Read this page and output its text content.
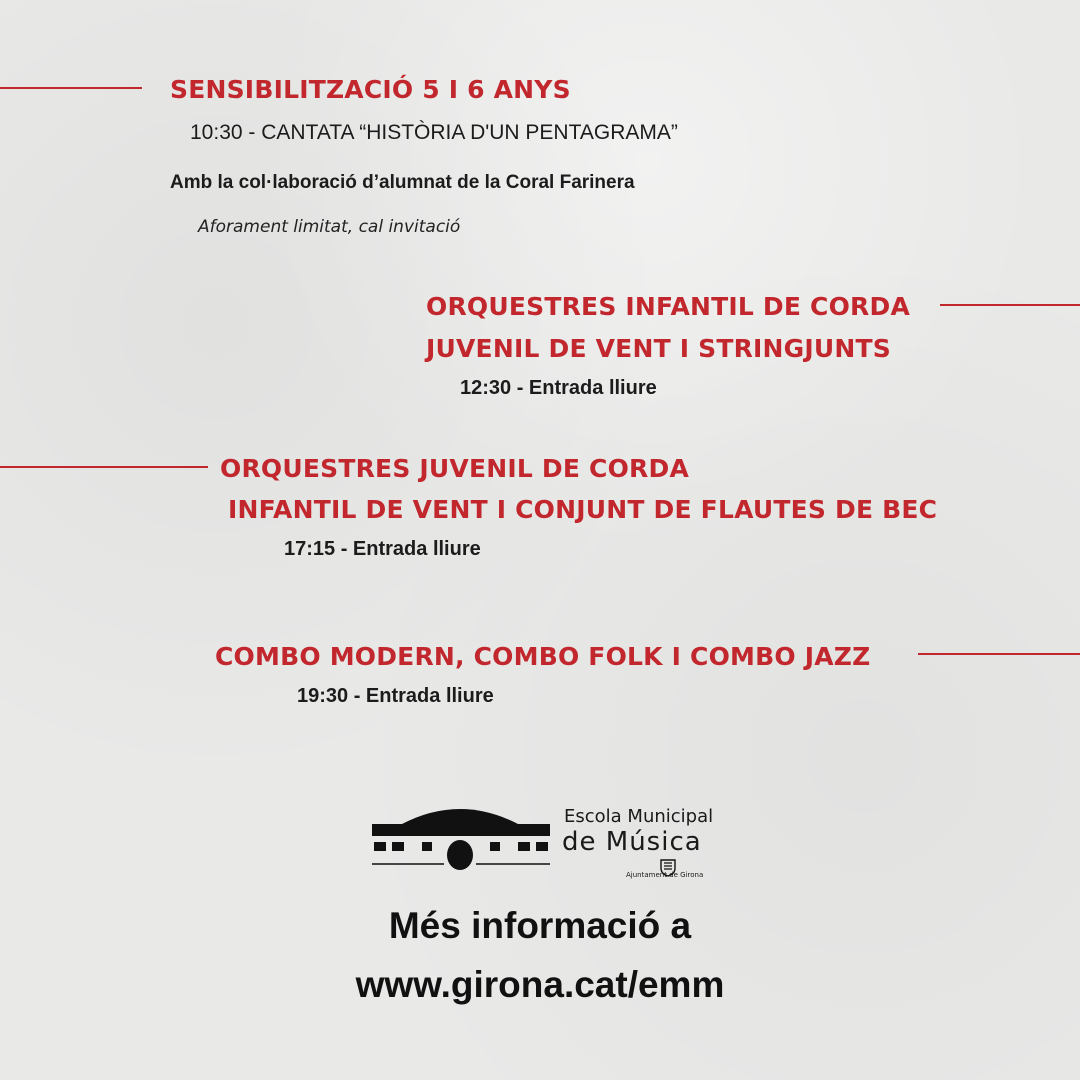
SENSIBILITZACIÓ 5 I 6 ANYS
10:30 - CANTATA “HISTÒRIA D'UN PENTAGRAMA”
Amb la col·laboració d’alumnat de la Coral Farinera
Aforament limitat, cal invitació
ORQUESTRES INFANTIL DE CORDA
JUVENIL DE VENT I STRINGJUNTS
12:30 - Entrada lliure
ORQUESTRES JUVENIL DE CORDA
INFANTIL DE VENT I CONJUNT DE FLAUTES DE BEC
17:15 - Entrada lliure
COMBO MODERN, COMBO FOLK I COMBO JAZZ
19:30 - Entrada lliure
Escola Municipal
de Música
Ajuntament de Girona
Més informació a
www.girona.cat/emm
